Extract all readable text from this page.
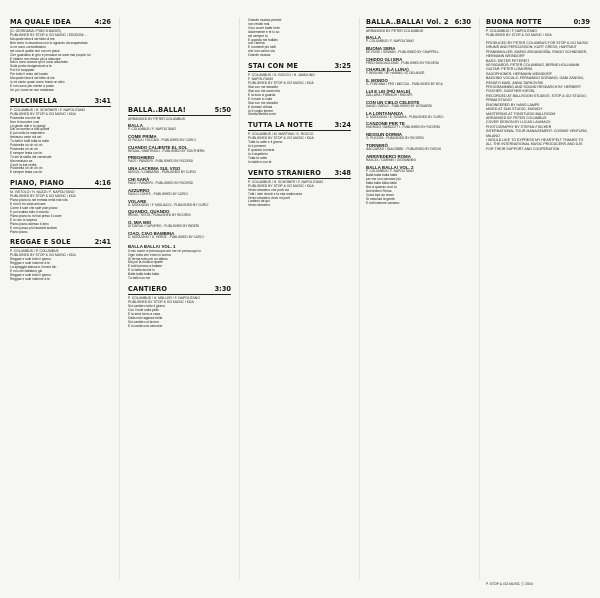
MA QUALE IDEA	4:26
(G. GIORDANA / PINO D'ANGIÒ)
PUBLISHED BY STOP & GO MUSIC / EDIZIONI ...
Ma quale idea ti sei fatto di me
Beh certo in discoteca con lo sguardo da scapestrato
io ne sono convintissimo
sei una di quelle che non mi piace
Che guardano in giro e pensano se sarà mai proprio lui
E intanto non riesco più a staccare
Ma io sono ancora qui e sono allucinato
Sulla porta rivolgendomi a te
Poi ti è scappato
Per tutto il resto del locale
Ma quale idea ti sei fatto di me
Io mi sento quasi come fosse un altro
E non sono per niente a posto
Un po' come se non esistesse
PULCINELLA	3:41
P. COLUMBUS / H. SCHÖNER / F. NAPOLITANO
PUBLISHED BY STOP & GO MUSIC / KDA
Pulcinella ma che fai
Non ti muovere cosi
La gente ride e tu piangi
Dai un sorriso a tutti quanti
E poi sotto la maschera
Nessuno vede chi sei
Tu balli e balli tutta la notte
Pulcinella oh oh oh oh
Pulcinella oh oh oh
E sempre festa con te
Tu sei la stella del carnevale
Ma nessuno sa
Cos'è la tua verità
Pulcinella oh oh oh oh
E sempre festa con te
PIANO, PIANO	4:16
M. VISTOLO / H. NUZZI / F. NAPOLITANO
PUBLISHED BY STOP & GO MUSIC / KDA
Piano piano tu sei entrata nella mia vita
E non ti ho vista arrivare
Come il sole che sale pian piano
E poi scalda tutto il mondo
Piano piano tu mi hai preso il cuore
E io non lo sapevo
Piano piano adesso ti amo
E non posso più lasciarti andare
Piano piano
REGGAE E SOLE	2:41
P. COLUMBUS / P. COLUMBUS
PUBLISHED BY STOP & GO MUSIC / KDA
Reggae e sole tutto il giorno
Reggae e sole insieme a te
La spiaggia bianca e il mare blu
E noi che balliamo giù
Reggae e sole tutto il giorno
Reggae e sole insieme a te
BALLA..BALLA!	5:50
ARRANGED BY PETER COLUMBUS
BALLA
P. COLUMBUS / F. NAPOLITANO
COME PRIMA
DI PAOLA / TACCANI - PUBLISHED BY CURCI
CUANDO CALIENTE EL SOL
RIGUAL / MARTINOLI - PUBLISHED BY SOUTHERN
PREGHIERO
PACE / PANZERI - PUBLISHED BY RICORDI
UNA LACRIMA SUL VISO
MOGOL / LOMBARDI - PUBLISHED BY CURCI
CHI SARÀ
PACE / PANZERI - PUBLISHED BY RICORDI
AZZURRO
PAOLO CONTE - PUBLISHED BY CURCI
VOLARE
D. MODUGNO / F. MIGLIACCI - PUBLISHED BY CURCI
QUANDO, QUANDO
RENIS / TESTA - PUBLISHED BY RICORDI
O, MIA MIO
DI CAPUA / CAPURRO - PUBLISHED BY BIDERI
CIAO, CIAO BAMBINA
D. MODUGNO / D. VERDE - PUBLISHED BY CURCI
BALLA BALLA! VOL. 1
Il mio nome vi preoccupa non me ne preoccupo io
Ogni volta che entro in scena
Si ferma tutto per un attimo
Ma poi la musica riparte
E tutti tornano a ballare
E io balla anche io
Balla balla balla balla
Tu balli con me
CANTIERO	3:30
P. COLUMBUS / H. MÜLLER / F. NAPOLITANO
PUBLISHED BY STOP & GO MUSIC / KDA
Sul cantiero tutto il giorno
Con il sole sulla pelle
E la sera torno a casa
Dalla mia ragazza bella
Sul cantiero si lavora
E si canta una canzone
Grande musica perché
non resisti mai
il tuo cuore batte forte
dolcemente e te lo so
sei sempre tu
E quando sei ballato
con l'anima
E momenti più belli
che non vanno via
Grande musica
STAI CON ME	3:25
P. COLUMBUS / G. ROCCO / H. JANDLING
F. NAPOLITANO
PUBLISHED BY STOP & GO MUSIC / KDA
Stai con me stanotte
Stai con me sarai mia
E la luna ci guarda
E il mare ci culla
Stai con me stanotte
E domani chissà
Io ti voglio tenere
Stretta stretta a me
TUTTA LA NOTTE	3:24
P. COLUMBUS / M. MARTINA / G. ROCCO
PUBLISHED BY STOP & GO MUSIC / KDA
Tutta la notte e il giorno
Io ti penserò
E quando tornerai
Io ti aspetterò
Tutta la notte
Io ballerò con te
VENTO STRANIERO 3:48
P. COLUMBUS / H. SCHÖNER / F. NAPOLITANO
PUBLISHED BY STOP & GO MUSIC / KDA
Vento straniero che porti via
Tutti i miei ricordi e la mia malinconia
Vento straniero dove mi porti
Lontano da qui
Vento straniero
BALLA..BALLA! Vol. 2 6:30
ARRANGED BY PETER COLUMBUS
BALLA
P. COLUMBUS / F. NAPOLITANO
BUONA SERA
DE ROSE / SIGMAN - PUBLISHED BY CHAPPELL
CHIDDO GLI ERA
FRED BUSCAGLIONE - PUBLISHED BY RICORDI
CHARLIE (LA LUNA)
F. BROUNS / W. HARING / B. DELANOË
IL MONDO
G. FONTANA / PES / MECCIA - PUBLISHED BY RCA
LUI E LEI (PIÙ MALE)
DALLARA / FRANCHI / RIDOLFI
CON UN CIELO CELESTE
DANZI / ZARLO - PUBLISHED BY LEONARDI
LA LONTANANZA
D. MODUGNO / E. ROMANI - PUBLISHED BY CURCI
CANZONE PER TE
ENDRIGO / BARDOTTI - PUBLISHED BY RICORDI
NESSUN DORMA
G. PUCCINI - PUBLISHED BY RICORDI
TORNERÒ
NACCARATI / GIACOBBE - PUBLISHED BY DISCHI
ARRIVEDERCI ROMA
RASCEL / GARINEI / GIOVANNINI
BALLA BALLA! VOL. 2
P. COLUMBUS / F. NAPOLITANO
Balla balla balla balla
per me non pensare più
balla balla balla balla
fino a quando vuoi tu
Arrivederci Roma
Good bye au revoir
Si mescola la gente
E tutti insieme cantano
BUONA NOTTE	0:39
P. COLUMBUS / F. NAPOLITANO
PUBLISHED BY STOP & GO MUSIC / KDA
PRODUCED BY PETER COLUMBUS FOR STOP & GO MUSIC
DRUMS AND PERCUSSION: KURT CRESS, HARTMUT PFANNMÜLLER, MARIO ARGANDOÑA, RINGO SCHNEIDER, HERMANN WEINDORF
BASS: DIETER PETEREIT
KEYBOARDS: PETER COLUMBUS, BERND HOLLMANN
GUITAR: PETER LOMORRA
SAXOPHONES: HERMANN WEINDORF
BACKING VOCALS: FERNANDO SORIANO, GABI ZANONI, RENATO MASI, ANNA TARKOVSKI
PROGRAMMING AND SOUND RESEARCH BY HERBERT FISCHER, GÜNTHER KIESSL
RECORDED AT BALLROOM STUDIOS, STOP & GO STUDIO, PRIMA STUDIO
ENGINEERED BY HANS LAMPE
MIXED AT SUN STUDIO, MUNICH
MASTERING AT TONSTUDIO BALLROOM
ARRANGED BY PETER COLUMBUS
COVER DESIGN BY LUCAS LAUMACK
PHOTOGRAPHY BY STEFAN FISCHER
INTERNATIONAL TOUR MANAGEMENT: COSIMO VENTURA, MILANO
I WOULD LIKE TO EXPRESS MY HEARTFELT THANKS TO ALL THE INTERNATIONAL MUSIC PRODUCERS AND DJS FOR THEIR SUPPORT AND COOPERATION
P. STOP & GO MUSIC Ⓒ 2004
